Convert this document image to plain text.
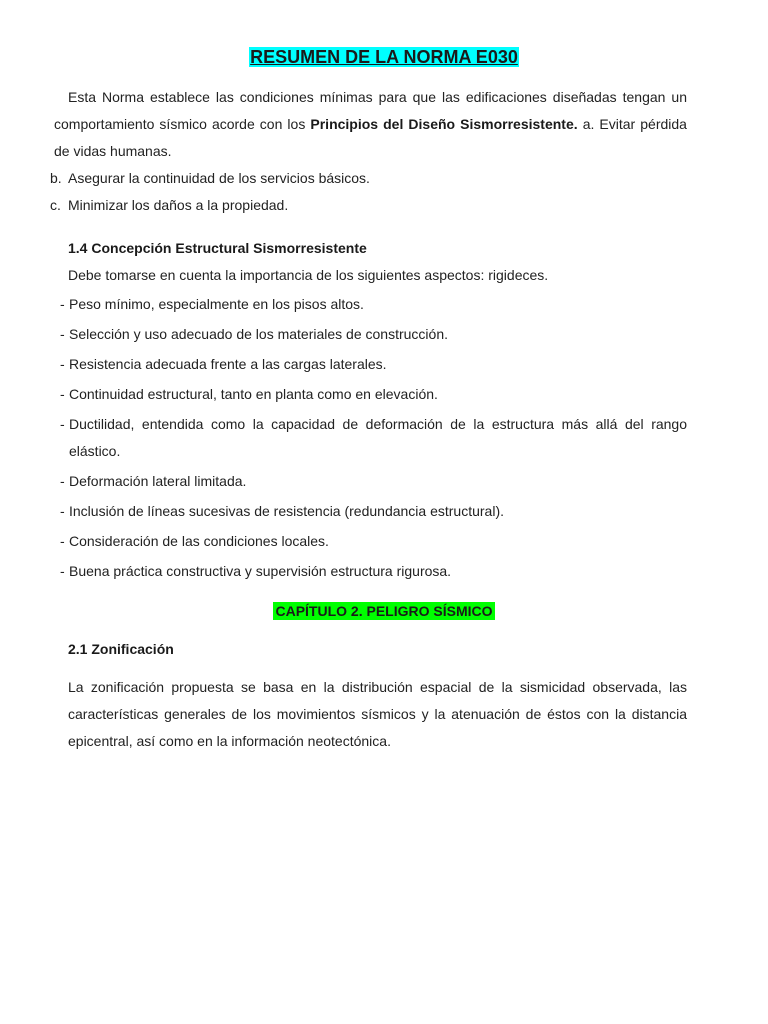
RESUMEN DE LA NORMA E030

Esta Norma establece las condiciones mínimas para que las edificaciones diseñadas tengan un comportamiento sísmico acorde con los Principios del Diseño Sismorresistente. a. Evitar pérdida de vidas humanas.

b. Asegurar la continuidad de los servicios básicos.
c. Minimizar los daños a la propiedad.
1.4 Concepción Estructural Sismorresistente
Debe tomarse en cuenta la importancia de los siguientes aspectos: rigideces.
- Peso mínimo, especialmente en los pisos altos.
- Selección y uso adecuado de los materiales de construcción.
- Resistencia adecuada frente a las cargas laterales.
- Continuidad estructural, tanto en planta como en elevación.
- Ductilidad, entendida como la capacidad de deformación de la estructura más allá del rango elástico.
- Deformación lateral limitada.
- Inclusión de líneas sucesivas de resistencia (redundancia estructural).
- Consideración de las condiciones locales.
- Buena práctica constructiva y supervisión estructura rigurosa.
CAPÍTULO 2. PELIGRO SÍSMICO
2.1 Zonificación

La zonificación propuesta se basa en la distribución espacial de la sismicidad observada, las características generales de los movimientos sísmicos y la atenuación de éstos con la distancia epicentral, así como en la información neotectónica.
